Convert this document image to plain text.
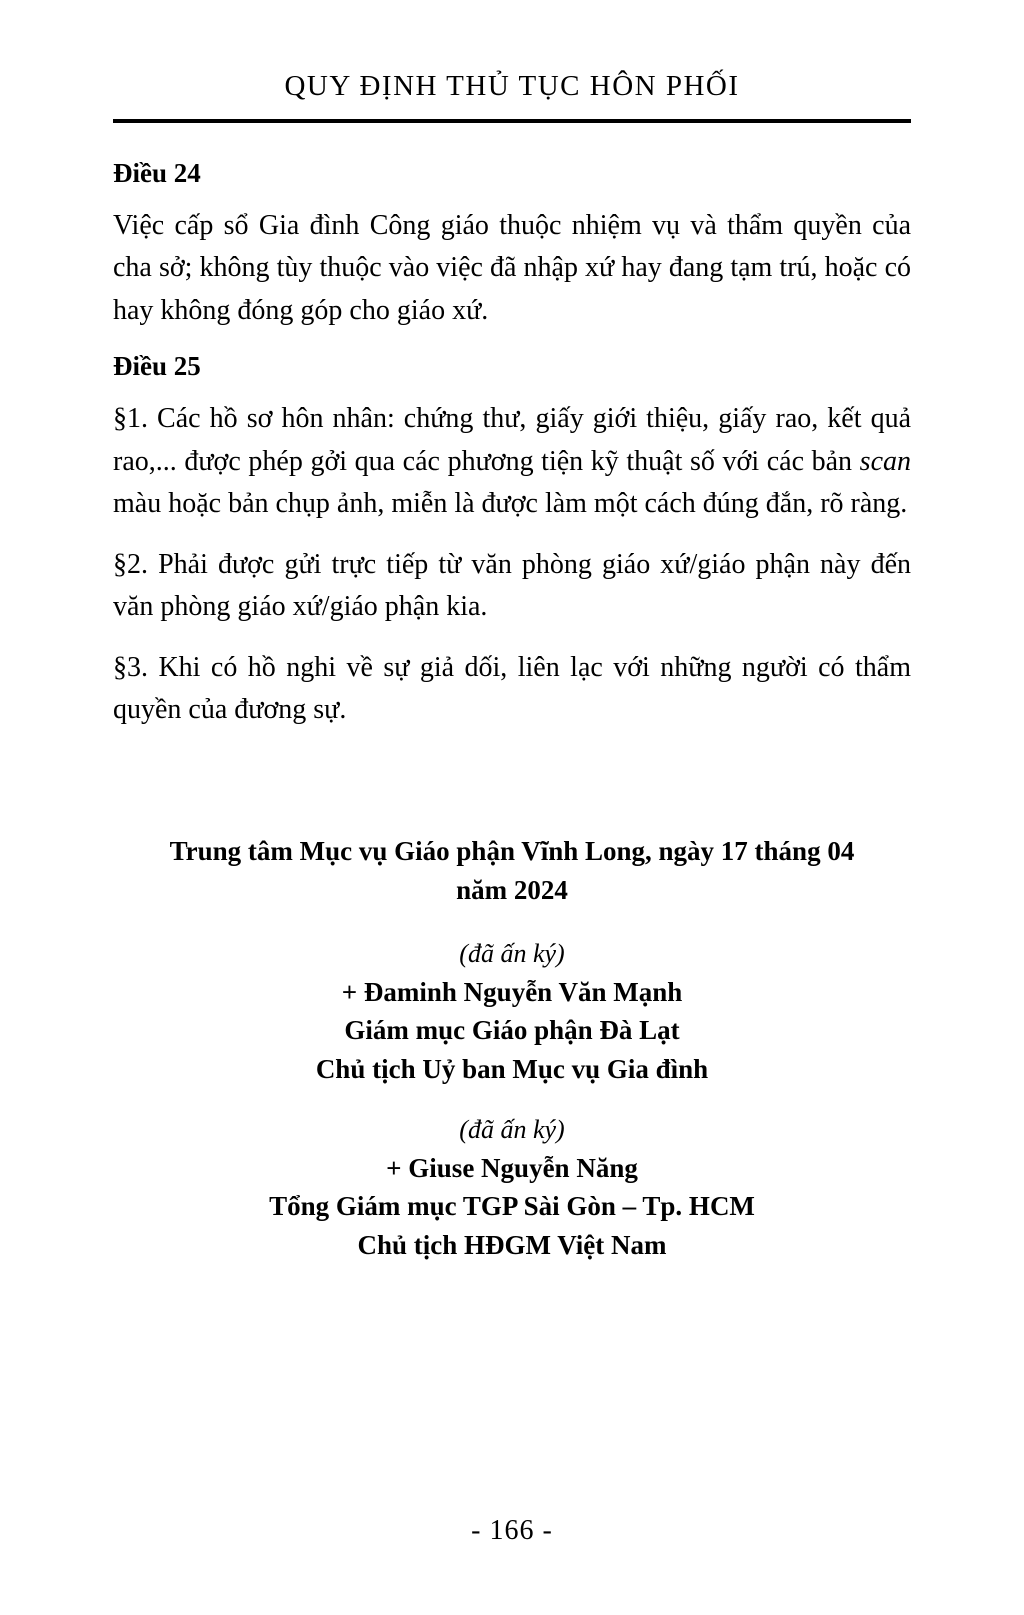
QUY ĐỊNH THỦ TỤC HÔN PHỐI
Điều 24

Việc cấp sổ Gia đình Công giáo thuộc nhiệm vụ và thẩm quyền của cha sở; không tùy thuộc vào việc đã nhập xứ hay đang tạm trú, hoặc có hay không đóng góp cho giáo xứ.

Điều 25

§1. Các hồ sơ hôn nhân: chứng thư, giấy giới thiệu, giấy rao, kết quả rao,... được phép gởi qua các phương tiện kỹ thuật số với các bản scan màu hoặc bản chụp ảnh, miễn là được làm một cách đúng đắn, rõ ràng.

§2. Phải được gửi trực tiếp từ văn phòng giáo xứ/giáo phận này đến văn phòng giáo xứ/giáo phận kia.

§3. Khi có hồ nghi về sự giả dối, liên lạc với những người có thẩm quyền của đương sự.

Trung tâm Mục vụ Giáo phận Vĩnh Long, ngày 17 tháng 04 năm 2024
(đã ấn ký)
+ Đaminh Nguyễn Văn Mạnh
Giám mục Giáo phận Đà Lạt
Chủ tịch Uỷ ban Mục vụ Gia đình
(đã ấn ký)
+ Giuse Nguyễn Năng
Tổng Giám mục TGP Sài Gòn – Tp. HCM
Chủ tịch HĐGM Việt Nam
- 166 -
